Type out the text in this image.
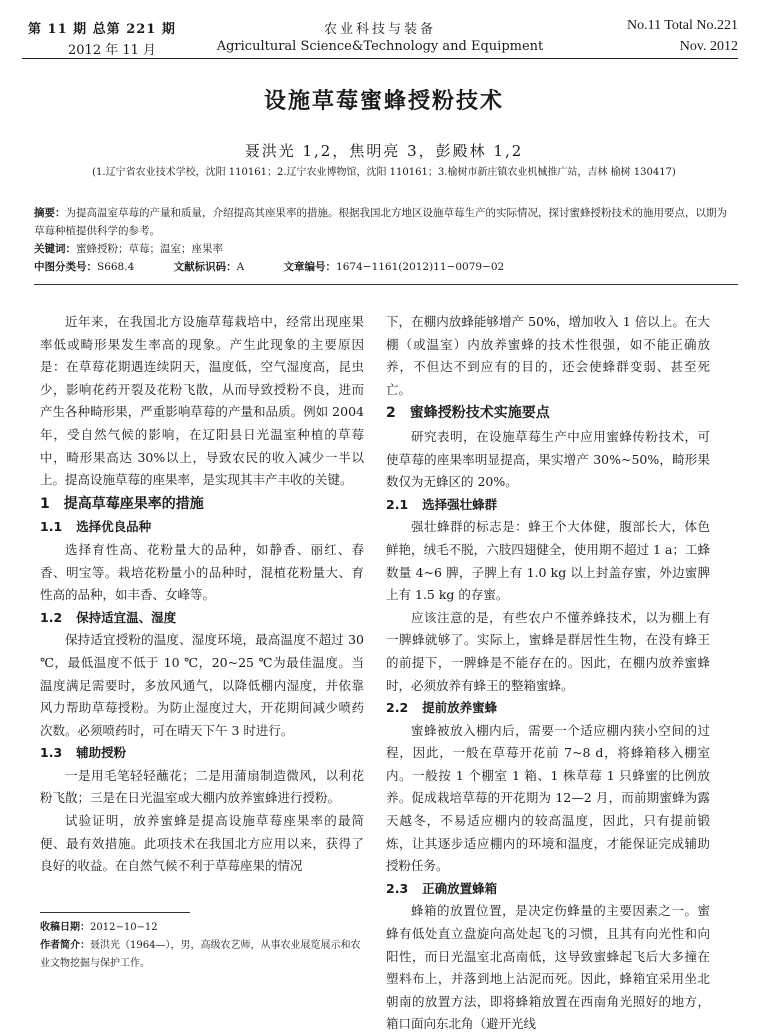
第 11 期 总第 221 期
2012 年 11 月
农业科技与装备
Agricultural Science&Technology and Equipment
No.11 Total No.221
Nov. 2012
设施草莓蜜蜂授粉技术
聂洪光 1,2，焦明亮 3，彭殿林 1,2
(1.辽宁省农业技术学校，沈阳 110161；2.辽宁农业博物馆，沈阳 110161；3.榆树市新庄镇农业机械推广站，吉林 榆树 130417)

摘要：为提高温室草莓的产量和质量，介绍提高其座果率的措施。根据我国北方地区设施草莓生产的实际情况，探讨蜜蜂授粉技术的施用要点，以期为草莓种植提供科学的参考。

关键词：蜜蜂授粉；草莓；温室；座果率

中图分类号：S668.4	文献标识码：A	文章编号：1674−1161(2012)11−0079−02

近年来，在我国北方设施草莓栽培中，经常出现座果率低或畸形果发生率高的现象。产生此现象的主要原因是：在草莓花期遇连续阴天，温度低，空气湿度高，昆虫少，影响花药开裂及花粉飞散，从而导致授粉不良，进而产生各种畸形果，严重影响草莓的产量和品质。例如 2004 年，受自然气候的影响，在辽阳县日光温室种植的草莓中，畸形果高达 30%以上，导致农民的收入减少一半以上。提高设施草莓的座果率，是实现其丰产丰收的关键。

1 提高草莓座果率的措施
1.1 选择优良品种

选择育性高、花粉量大的品种，如静香、丽红、春香、明宝等。栽培花粉量小的品种时，混植花粉量大、育性高的品种，如丰香、女峰等。

1.2 保持适宜温、湿度

保持适宜授粉的温度、湿度环境，最高温度不超过 30 ℃，最低温度不低于 10 ℃，20~25 ℃为最佳温度。当温度满足需要时，多放风通气，以降低棚内湿度，并依靠风力帮助草莓授粉。为防止湿度过大，开花期间减少喷药次数。必须喷药时，可在晴天下午 3 时进行。

1.3 辅助授粉

一是用毛笔轻轻蘸花；二是用蒲扇制造微风，以利花粉飞散；三是在日光温室或大棚内放养蜜蜂进行授粉。

试验证明，放养蜜蜂是提高设施草莓座果率的最简便、最有效措施。此项技术在我国北方应用以来，获得了良好的收益。在自然气候不利于草莓座果的情况

收稿日期：2012−10−12

作者简介：聂洪光（1964—），男，高级农艺师，从事农业展览展示和农业文物挖掘与保护工作。

下，在棚内放蜂能够增产 50%，增加收入 1 倍以上。在大棚（或温室）内放养蜜蜂的技术性很强，如不能正确放养，不但达不到应有的目的，还会使蜂群变弱、甚至死亡。

2 蜜蜂授粉技术实施要点

研究表明，在设施草莓生产中应用蜜蜂传粉技术，可使草莓的座果率明显提高，果实增产 30%~50%，畸形果数仅为无蜂区的 20%。

2.1 选择强壮蜂群

强壮蜂群的标志是：蜂王个大体健，腹部长大，体色鲜艳，绒毛不脱，六肢四翅健全，使用期不超过 1 a；工蜂数量 4~6 脾，子脾上有 1.0 kg 以上封盖存蜜，外边蜜脾上有 1.5 kg 的存蜜。

应该注意的是，有些农户不懂养蜂技术，以为棚上有一脾蜂就够了。实际上，蜜蜂是群居性生物，在没有蜂王的前提下，一脾蜂是不能存在的。因此，在棚内放养蜜蜂时，必须放养有蜂王的整箱蜜蜂。

2.2 提前放养蜜蜂

蜜蜂被放入棚内后，需要一个适应棚内狭小空间的过程，因此，一般在草莓开花前 7~8 d，将蜂箱移入棚室内。一般按 1 个棚室 1 箱、1 株草莓 1 只蜂蜜的比例放养。促成栽培草莓的开花期为 12—2 月，而前期蜜蜂为露天越冬，不易适应棚内的较高温度，因此，只有提前锻炼，让其逐步适应棚内的环境和温度，才能保证完成辅助授粉任务。

2.3 正确放置蜂箱

蜂箱的放置位置，是决定伤蜂量的主要因素之一。蜜蜂有低处直立盘旋向高处起飞的习惯，且其有向光性和向阳性，而日光温室北高南低，这导致蜜蜂起飞后大多撞在塑料布上，并落到地上沾泥而死。因此，蜂箱宜采用坐北朝南的放置方法，即将蜂箱放置在西南角光照好的地方，箱口面向东北角（避开光线
